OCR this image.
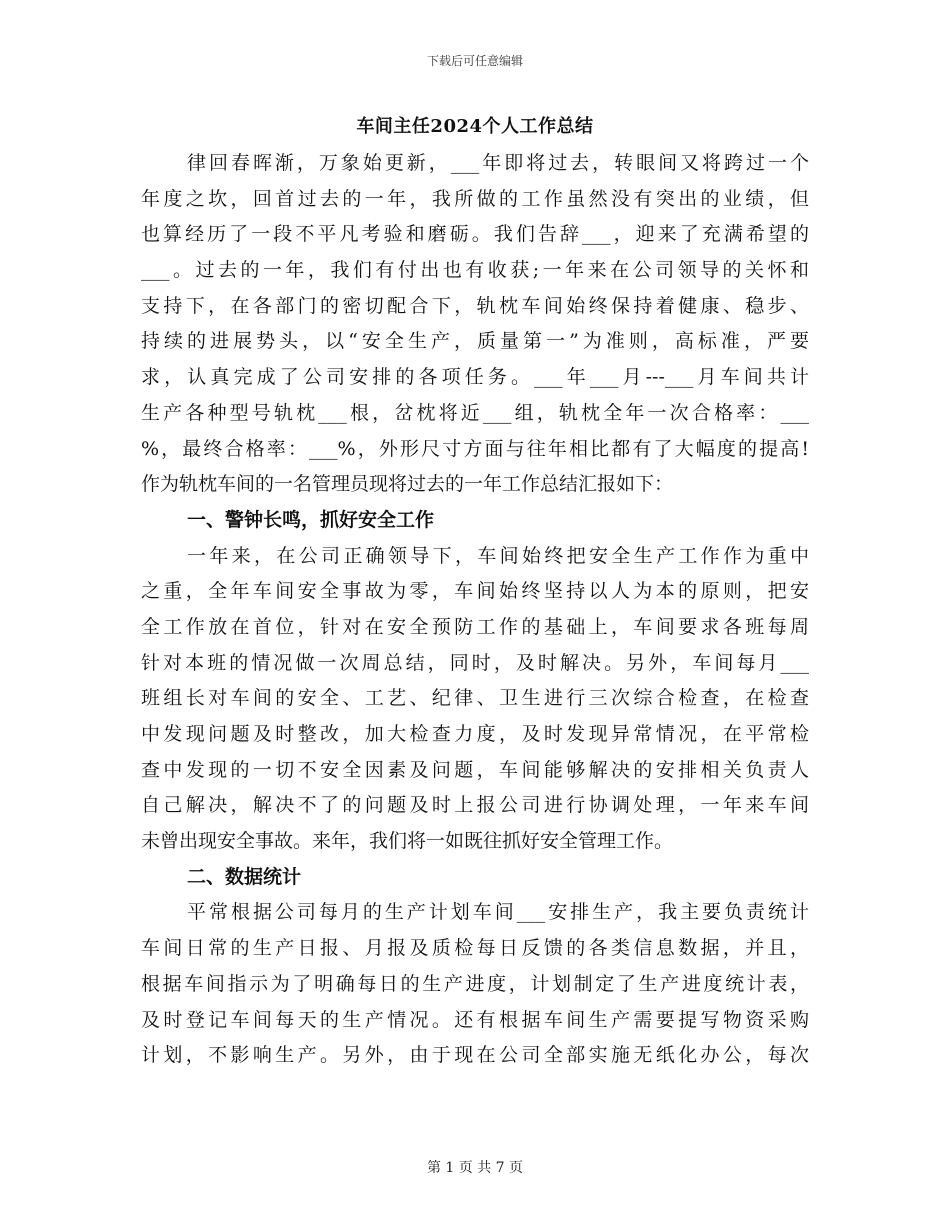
下载后可任意编辑
车间主任2024个人工作总结
律回春晖渐，万象始更新，___年即将过去，转眼间又将跨过一个
年度之坎，回首过去的一年，我所做的工作虽然没有突出的业绩，但
也算经历了一段不平凡考验和磨砺。我们告辞___，迎来了充满希望的
___。过去的一年，我们有付出也有收获;一年来在公司领导的关怀和
支持下，在各部门的密切配合下，轨枕车间始终保持着健康、稳步、
持续的进展势头，以“安全生产，质量第一”为准则，高标准，严要
求，认真完成了公司安排的各项任务。___年___月---___月车间共计
生产各种型号轨枕___根，岔枕将近___组，轨枕全年一次合格率：___
%，最终合格率：___%，外形尺寸方面与往年相比都有了大幅度的提高!
作为轨枕车间的一名管理员现将过去的一年工作总结汇报如下：
一、警钟长鸣，抓好安全工作
一年来，在公司正确领导下，车间始终把安全生产工作作为重中
之重，全年车间安全事故为零，车间始终坚持以人为本的原则，把安
全工作放在首位，针对在安全预防工作的基础上，车间要求各班每周
针对本班的情况做一次周总结，同时，及时解决。另外，车间每月___
班组长对车间的安全、工艺、纪律、卫生进行三次综合检查，在检查
中发现问题及时整改，加大检查力度，及时发现异常情况，在平常检
查中发现的一切不安全因素及问题，车间能够解决的安排相关负责人
自己解决，解决不了的问题及时上报公司进行协调处理，一年来车间
未曾出现安全事故。来年，我们将一如既往抓好安全管理工作。
二、数据统计
平常根据公司每月的生产计划车间___安排生产，我主要负责统计
车间日常的生产日报、月报及质检每日反馈的各类信息数据，并且，
根据车间指示为了明确每日的生产进度，计划制定了生产进度统计表，
及时登记车间每天的生产情况。还有根据车间生产需要提写物资采购
计划，不影响生产。另外，由于现在公司全部实施无纸化办公，每次
第 1 页 共 7 页
